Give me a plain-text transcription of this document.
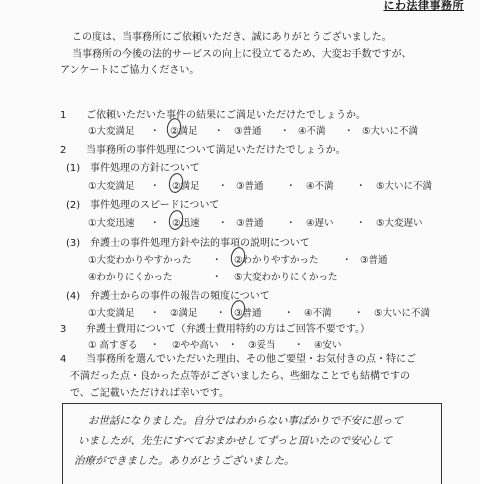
にわ法律事務所
この度は、当事務所にご依頼いただき、誠にありがとうございました。
当事務所の今後の法的サービスの向上に役立てるため、大変お手数ですが、
アンケートにご協力ください。
1 ご依頼いただいた事件の結果にご満足いただけたでしょうか。
①大変満足 ・ ②満足 ・ ③普通 ・ ④不満 ・ ⑤大いに不満
2 当事務所の事件処理について満足いただけたでしょうか。
(1) 事件処理の方針について
①大変満足 ・ ②満足 ・ ③普通 ・ ④不満 ・ ⑤大いに不満
(2) 事件処理のスピードについて
①大変迅速 ・ ②迅速 ・ ③普通 ・ ④遅い ・ ⑤大変遅い
(3) 弁護士の事件処理方針や法的事項の説明について
①大変わかりやすかった ・ ②わかりやすかった ・ ③普通
④わかりにくかった	・ ⑤大変わかりにくかった
(4) 弁護士からの事件の報告の頻度について
①大変満足 ・ ②満足 ・ ③普通 ・ ④不満 ・ ⑤大いに不満
3 弁護士費用について（弁護士費用特約の方はご回答不要です。）
① 高すぎる ・ ②やや高い ・ ③妥当 ・ ④安い
4 当事務所を選んでいただいた理由、その他ご要望・お気付きの点・特にご
不満だった点・良かった点等がございましたら、些細なことでも結構ですの
で、ご記載いただければ幸いです。
お世話になりました。自分ではわからない事ばかりで不安に思って
いましたが、先生にすべておまかせしてずっと頂いたので安心して
治療ができました。ありがとうございました。
